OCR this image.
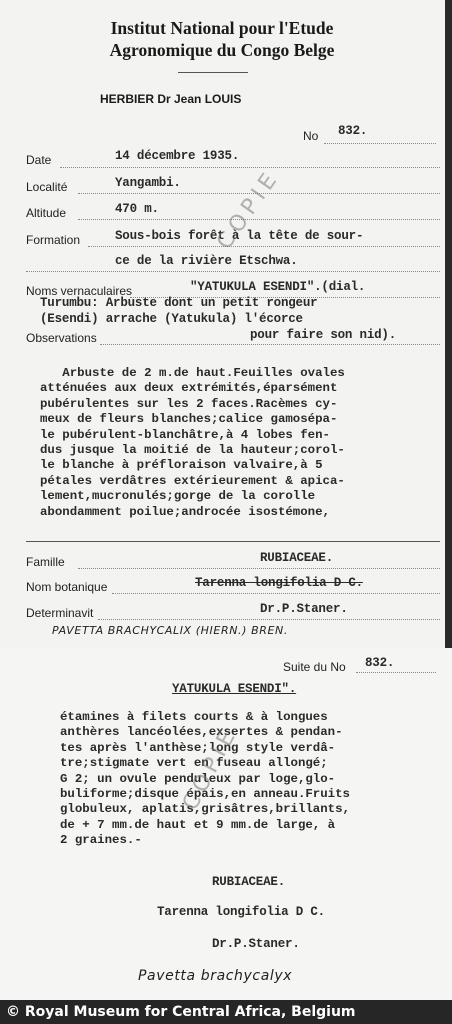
Institut National pour l'Etude
Agronomique du Congo Belge
HERBIER Dr Jean LOUIS
No 832.
Date	14 décembre 1935.
Localité	Yangambi.
Altitude	470 m.
Formation	Sous-bois forêt à la tête de sour-
ce de la rivière Etschwa.
Noms vernaculaires	"YATUKULA ESENDI".(dial.
Turumbu: Arbuste dont un petit rongeur
(Esendi) arrache (Yatukula) l'écorce
Observations	pour faire son nid).
Arbuste de 2 m.de haut.Feuilles ovales
atténuées aux deux extrémités,éparsément
pubérulentes sur les 2 faces.Racèmes cy-
meux de fleurs blanches;calice gamosépa-
le pubérulent-blanchâtre,à 4 lobes fen-
dus jusque la moitié de la hauteur;corol-
le blanche à préfloraison valvaire,à 5
pétales verdâtres extérieurement & apica-
lement,mucronulés;gorge de la corolle
abondamment poilue;androcée isostémone,
Famille	RUBIACEAE.
Nom botanique	Tarenna longifolia D C.
Determinavit	Dr.P.Staner.
PAVETTA BRACHYCALIX (HIERN.) BREN.
COPIE
Suite du No 832.
YATUKULA ESENDI".
étamines à filets courts & à longues
anthères lancéolées,exsertes & pendan-
tes après l'anthèse;long style verdâ-
tre;stigmate vert en fuseau allongé;
G 2; un ovule penduleux par loge,glo-
buliforme;disque épais,en anneau.Fruits
globuleux, aplatis,grisâtres,brillants,
de + 7 mm.de haut et 9 mm.de large, à
2 graines.-
RUBIACEAE.
Tarenna longifolia D C.
Dr.P.Staner.
Pavetta brachycalyx
COPIE
© Royal Museum for Central Africa, Belgium
